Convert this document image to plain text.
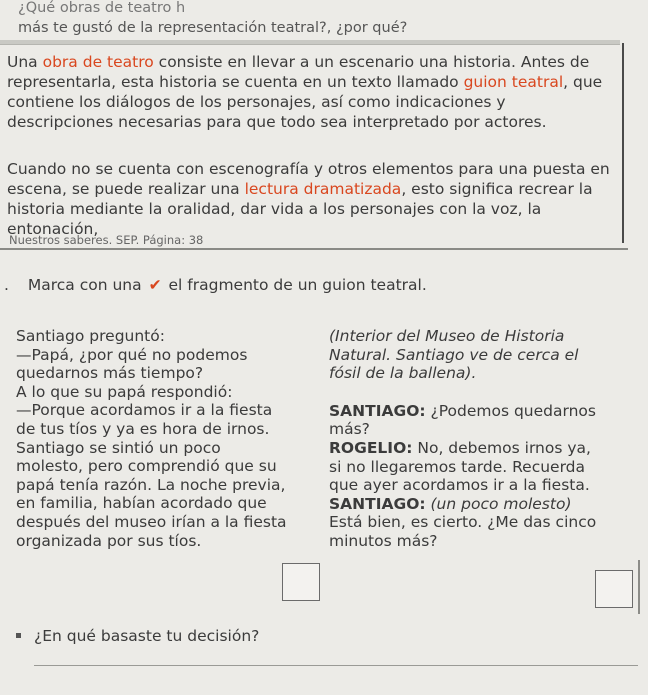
¿Qué obras de teatro h
más te gustó de la representación teatral?, ¿por qué?
Una obra de teatro consiste en llevar a un escenario una historia. Antes de representarla, esta historia se cuenta en un texto llamado guion teatral, que contiene los diálogos de los personajes, así como indicaciones y descripciones necesarias para que todo sea interpretado por actores.
Cuando no se cuenta con escenografía y otros elementos para una puesta en escena, se puede realizar una lectura dramatizada, esto significa recrear la historia mediante la oralidad, dar vida a los personajes con la voz, la entonación,
Nuestros saberes. SEP. Página: 38
. Marca con una ✔ el fragmento de un guion teatral.
Santiago preguntó:
—Papá, ¿por qué no podemos
quedarnos más tiempo?
A lo que su papá respondió:
—Porque acordamos ir a la fiesta
de tus tíos y ya es hora de irnos.
Santiago se sintió un poco
molesto, pero comprendió que su
papá tenía razón. La noche previa,
en familia, habían acordado que
después del museo irían a la fiesta
organizada por sus tíos.
(Interior del Museo de Historia
Natural. Santiago ve de cerca el
fósil de la ballena).
SANTIAGO: ¿Podemos quedarnos
más?
ROGELIO: No, debemos irnos ya,
si no llegaremos tarde. Recuerda
que ayer acordamos ir a la fiesta.
SANTIAGO: (un poco molesto)
Está bien, es cierto. ¿Me das cinco
minutos más?
¿En qué basaste tu decisión?
